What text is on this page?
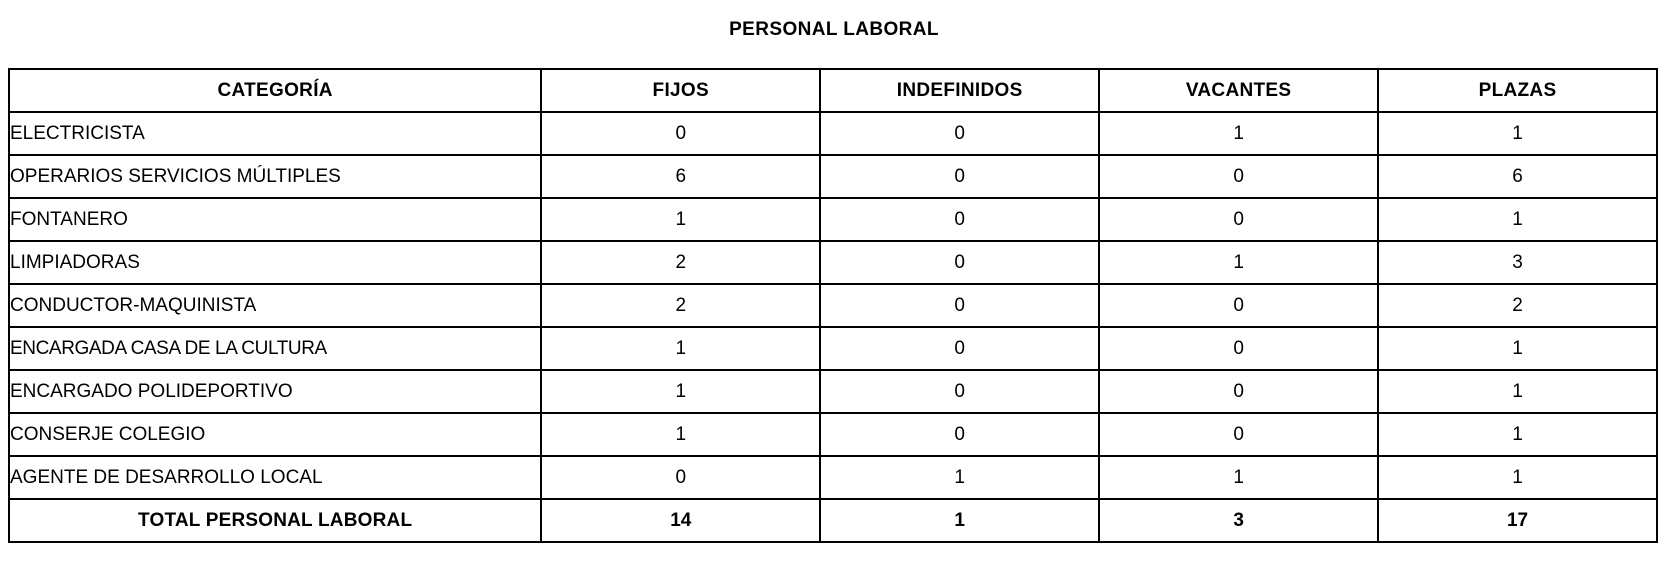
PERSONAL LABORAL
CATEGORÍA	FIJOS	INDEFINIDOS	VACANTES	PLAZAS
ELECTRICISTA	0	0	1	1
OPERARIOS SERVICIOS MÚLTIPLES	6	0	0	6
FONTANERO	1	0	0	1
LIMPIADORAS	2	0	1	3
CONDUCTOR-MAQUINISTA	2	0	0	2
ENCARGADA CASA DE LA CULTURA	1	0	0	1
ENCARGADO POLIDEPORTIVO	1	0	0	1
CONSERJE COLEGIO	1	0	0	1
AGENTE DE DESARROLLO LOCAL	0	1	1	1
TOTAL PERSONAL LABORAL	14	1	3	17
